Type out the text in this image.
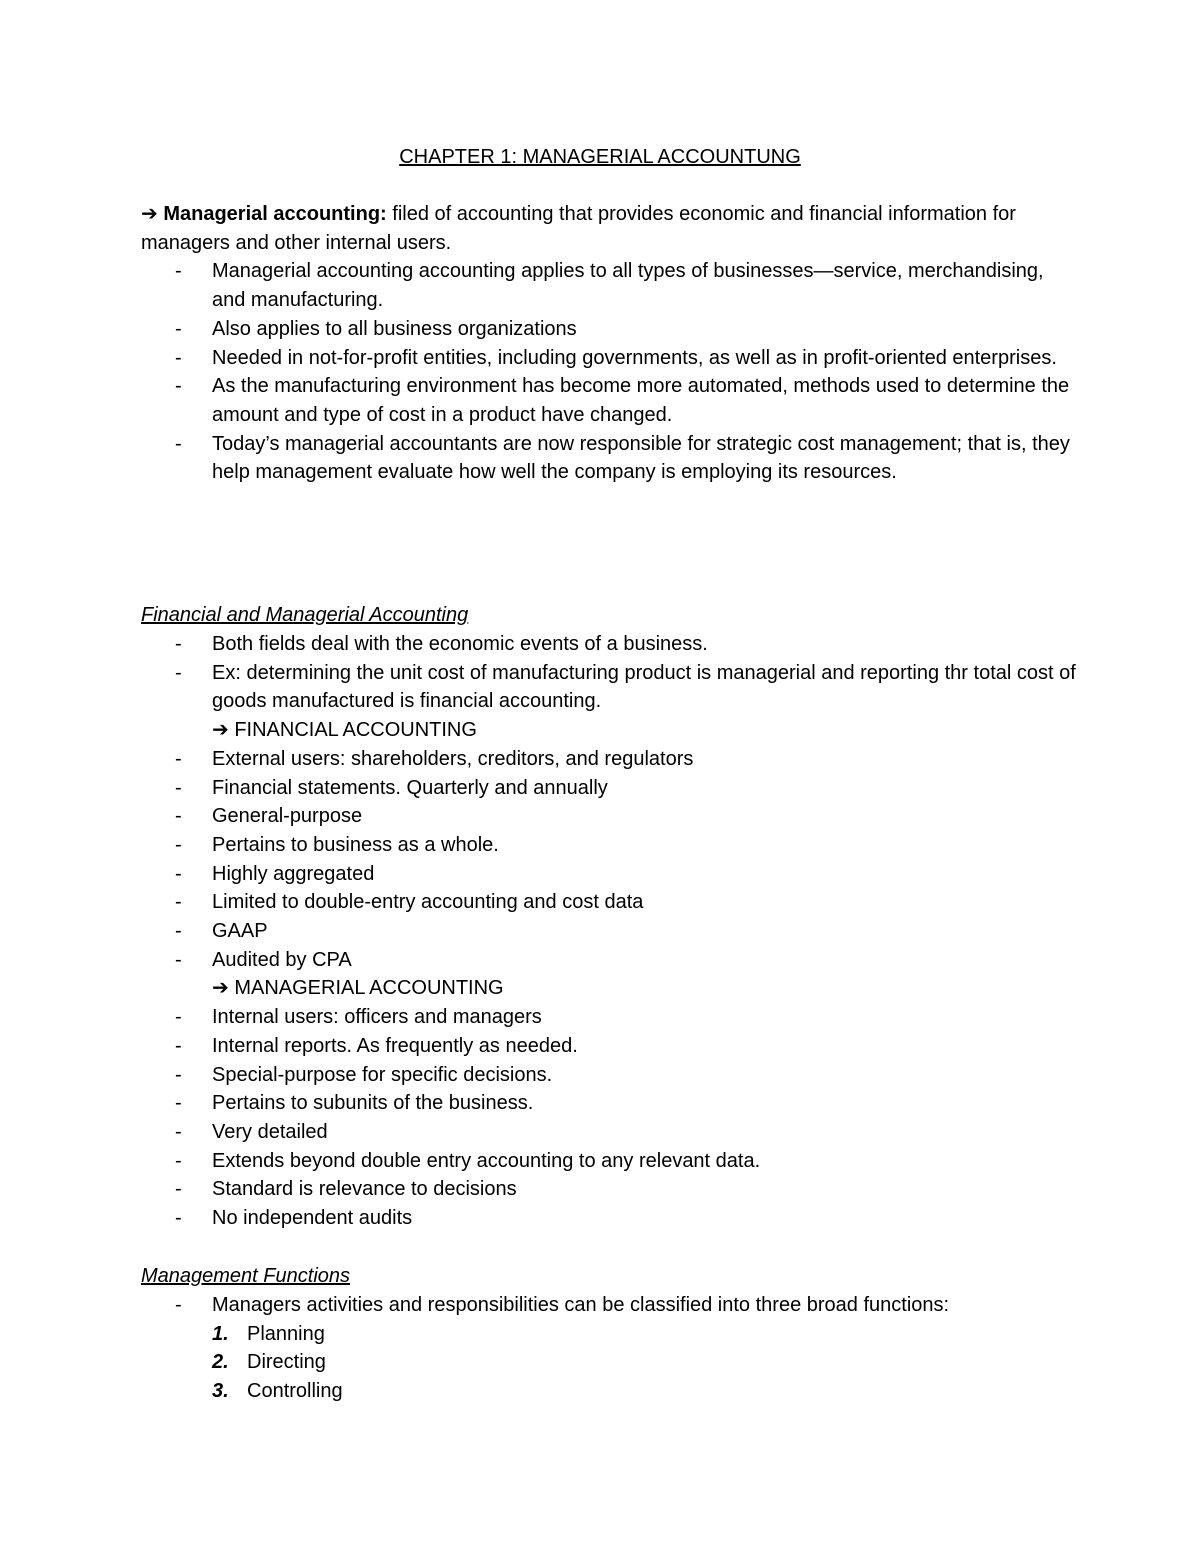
CHAPTER 1: MANAGERIAL ACCOUNTUNG
➔ Managerial accounting: filed of accounting that provides economic and financial information for managers and other internal users.
- Managerial accounting accounting applies to all types of businesses—service, merchandising, and manufacturing.
- Also applies to all business organizations
- Needed in not-for-profit entities, including governments, as well as in profit-oriented enterprises.
- As the manufacturing environment has become more automated, methods used to determine the amount and type of cost in a product have changed.
- Today’s managerial accountants are now responsible for strategic cost management; that is, they help management evaluate how well the company is employing its resources.
Financial and Managerial Accounting
- Both fields deal with the economic events of a business.
- Ex: determining the unit cost of manufacturing product is managerial and reporting thr total cost of goods manufactured is financial accounting.
➔ FINANCIAL ACCOUNTING
- External users: shareholders, creditors, and regulators
- Financial statements. Quarterly and annually
- General-purpose
- Pertains to business as a whole.
- Highly aggregated
- Limited to double-entry accounting and cost data
- GAAP
- Audited by CPA
➔ MANAGERIAL ACCOUNTING
- Internal users: officers and managers
- Internal reports. As frequently as needed.
- Special-purpose for specific decisions.
- Pertains to subunits of the business.
- Very detailed
- Extends beyond double entry accounting to any relevant data.
- Standard is relevance to decisions
- No independent audits
Management Functions
- Managers activities and responsibilities can be classified into three broad functions:
1. Planning
2. Directing
3. Controlling
